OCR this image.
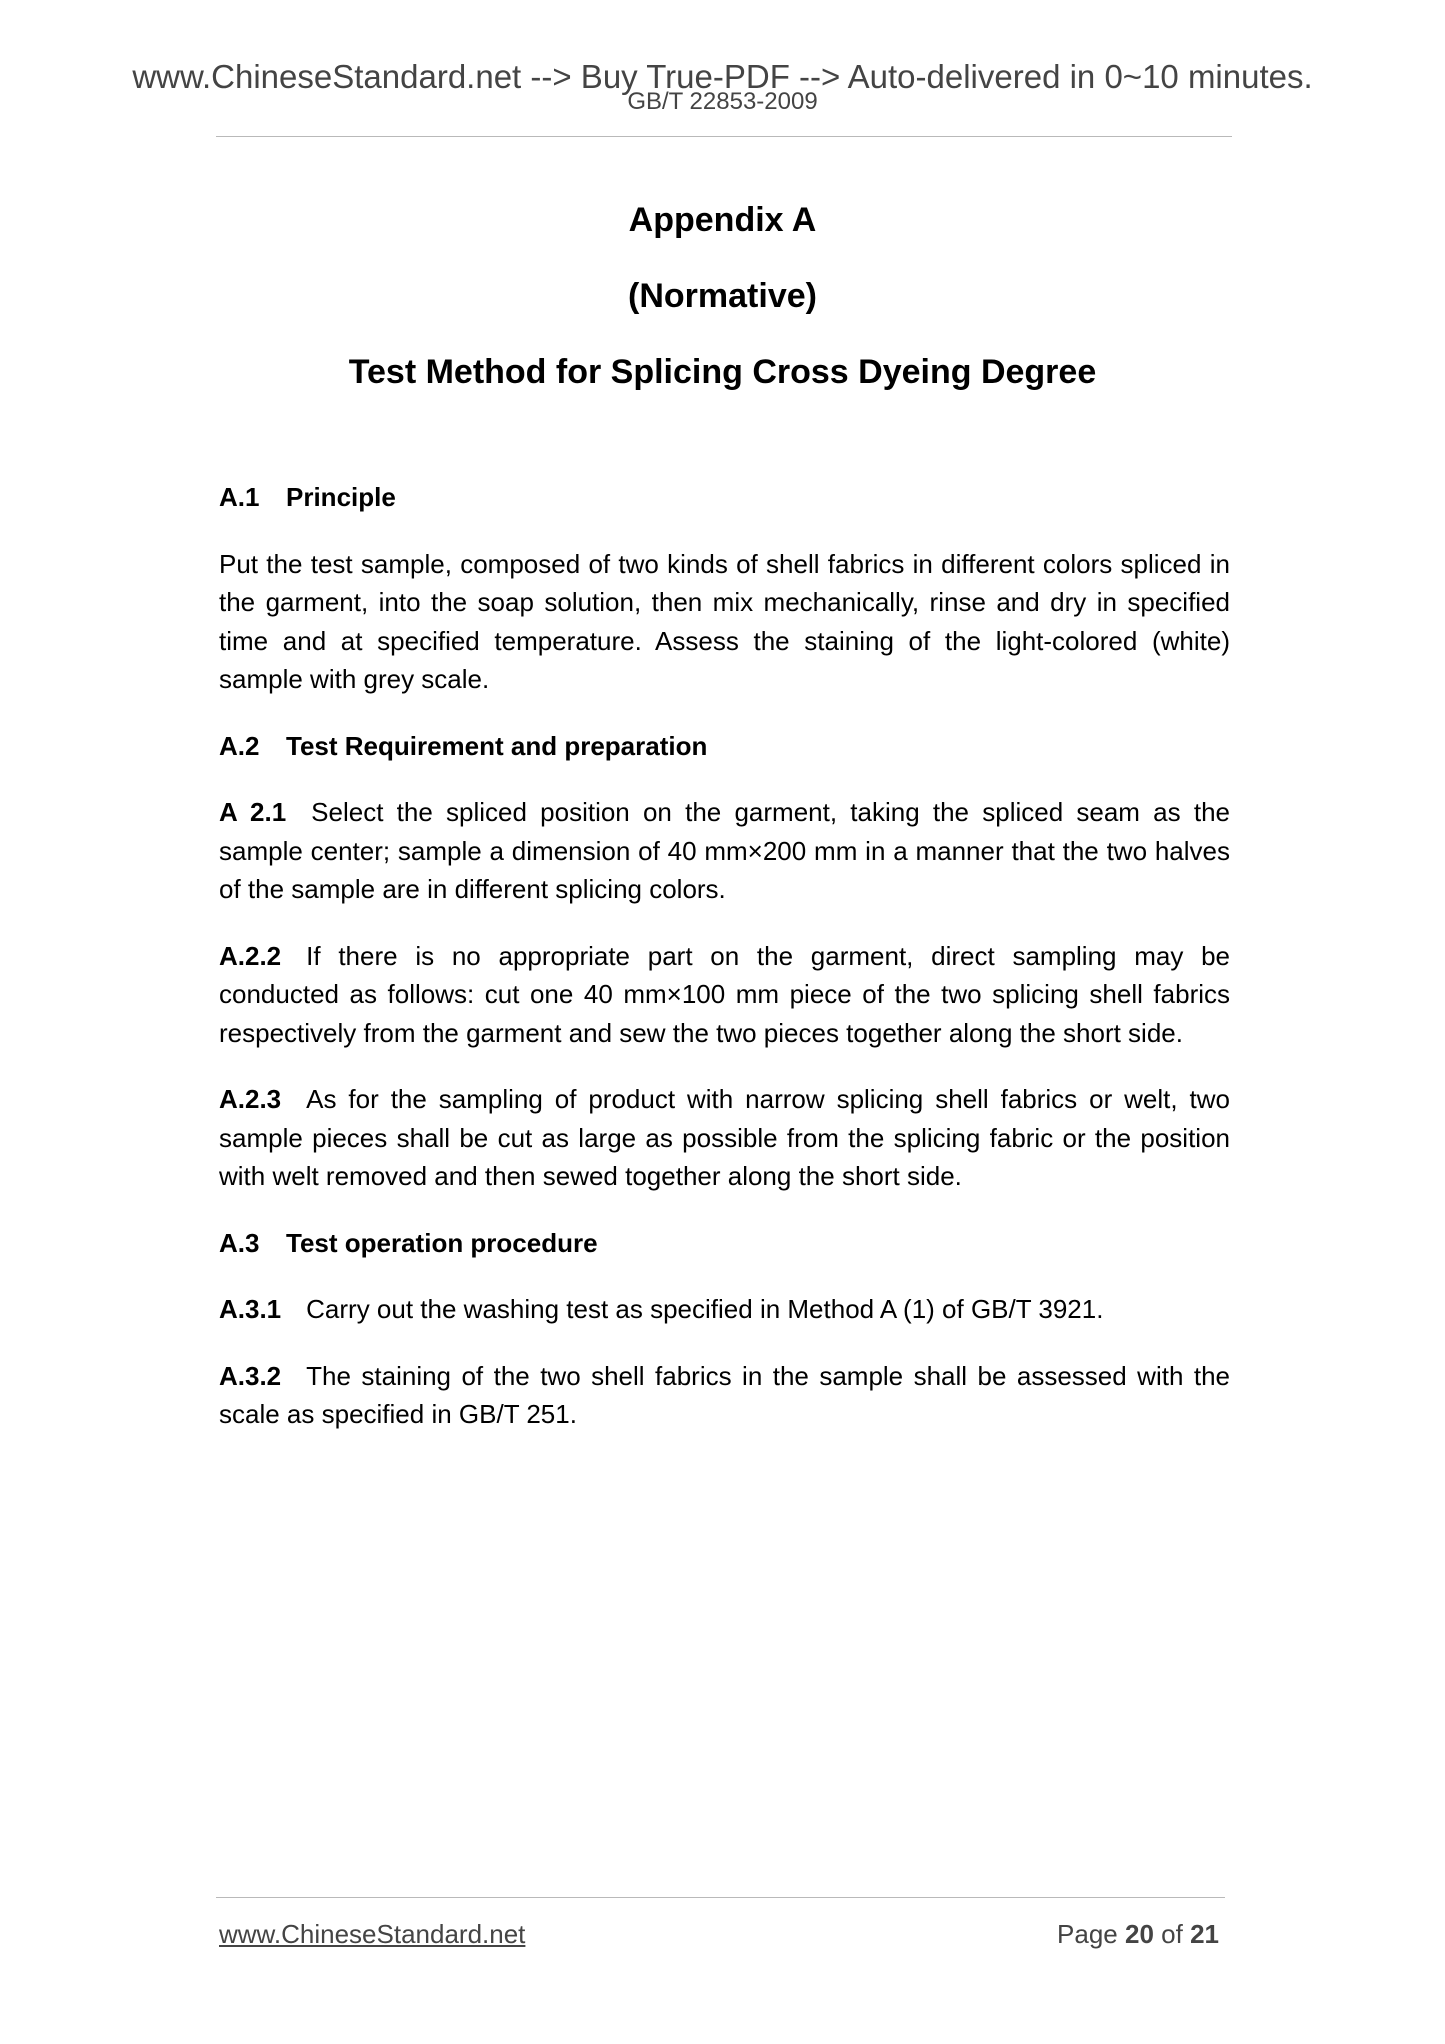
www.ChineseStandard.net --> Buy True-PDF --> Auto-delivered in 0~10 minutes.
GB/T 22853-2009
Appendix A
(Normative)
Test Method for Splicing Cross Dyeing Degree
A.1 Principle

Put the test sample, composed of two kinds of shell fabrics in different colors spliced in the garment, into the soap solution, then mix mechanically, rinse and dry in specified time and at specified temperature. Assess the staining of the light-colored (white) sample with grey scale.

A.2 Test Requirement and preparation

A 2.1 Select the spliced position on the garment, taking the spliced seam as the sample center; sample a dimension of 40 mm×200 mm in a manner that the two halves of the sample are in different splicing colors.

A.2.2 If there is no appropriate part on the garment, direct sampling may be conducted as follows: cut one 40 mm×100 mm piece of the two splicing shell fabrics respectively from the garment and sew the two pieces together along the short side.

A.2.3 As for the sampling of product with narrow splicing shell fabrics or welt, two sample pieces shall be cut as large as possible from the splicing fabric or the position with welt removed and then sewed together along the short side.

A.3 Test operation procedure

A.3.1 Carry out the washing test as specified in Method A (1) of GB/T 3921.

A.3.2 The staining of the two shell fabrics in the sample shall be assessed with the scale as specified in GB/T 251.

www.ChineseStandard.net	Page 20 of 21
